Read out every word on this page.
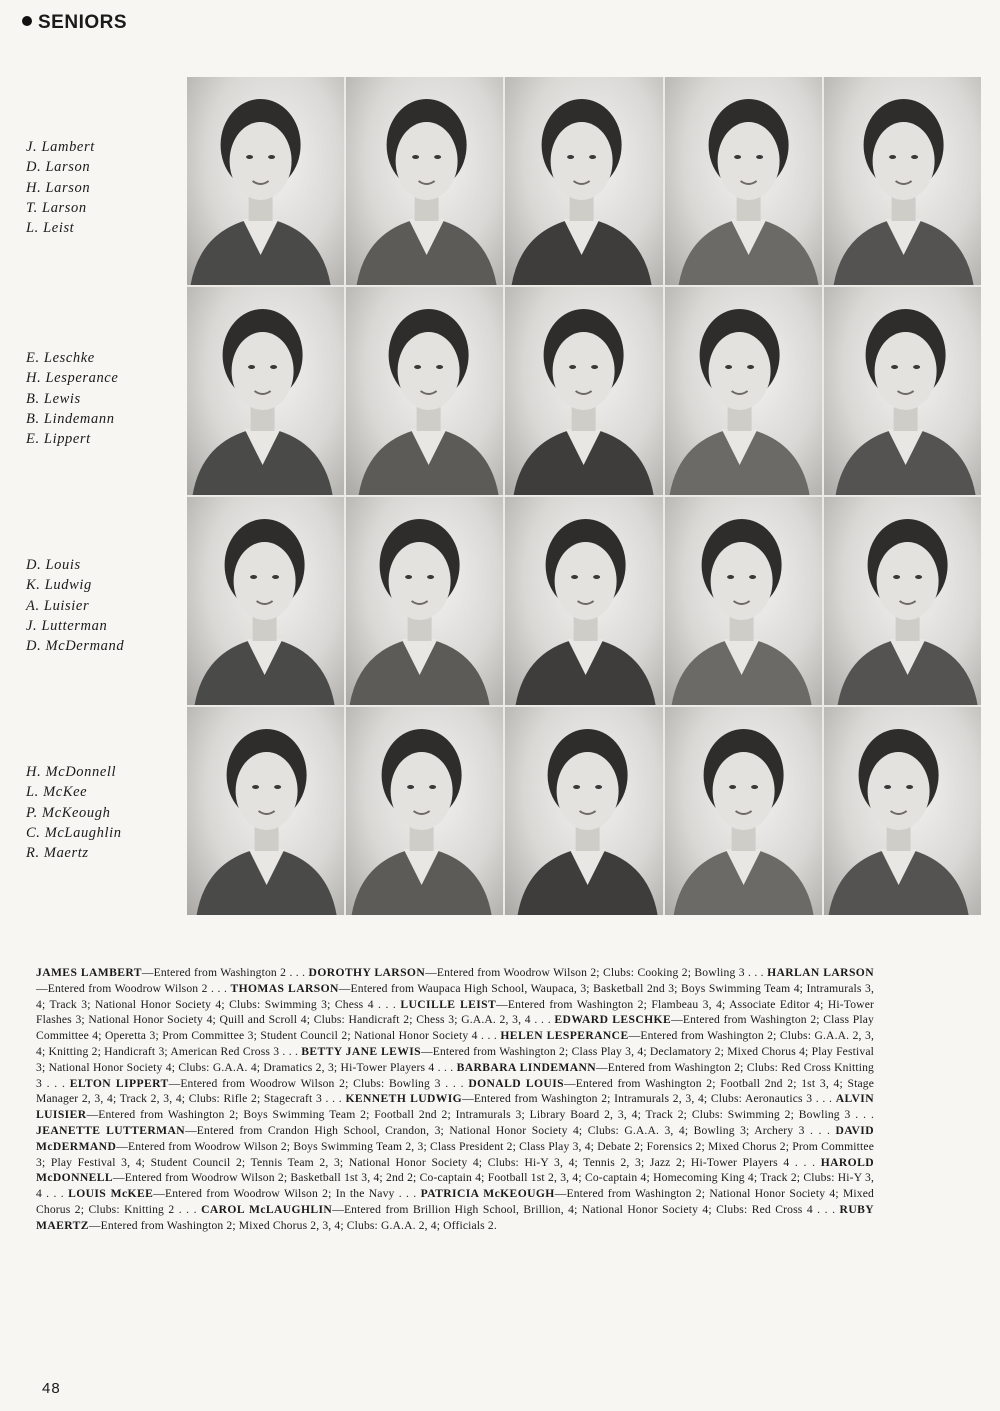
SENIORS
J. Lambert
D. Larson
H. Larson
T. Larson
L. Leist
E. Leschke
H. Lesperance
B. Lewis
B. Lindemann
E. Lippert
D. Louis
K. Ludwig
A. Luisier
J. Lutterman
D. McDermand
H. McDonnell
L. McKee
P. McKeough
C. McLaughlin
R. Maertz

JAMES LAMBERT—Entered from Washington 2 . . . DOROTHY LARSON—Entered from Woodrow Wilson 2; Clubs: Cooking 2; Bowling 3 . . . HARLAN LARSON—Entered from Woodrow Wilson 2 . . . THOMAS LARSON—Entered from Waupaca High School, Waupaca, 3; Basketball 2nd 3; Boys Swimming Team 4; Intramurals 3, 4; Track 3; National Honor Society 4; Clubs: Swimming 3; Chess 4 . . . LUCILLE LEIST—Entered from Washington 2; Flambeau 3, 4; Associate Editor 4; Hi-Tower Flashes 3; National Honor Society 4; Quill and Scroll 4; Clubs: Handicraft 2; Chess 3; G.A.A. 2, 3, 4 . . . EDWARD LESCHKE—Entered from Washington 2; Class Play Committee 4; Operetta 3; Prom Committee 3; Student Council 2; National Honor Society 4 . . . HELEN LESPERANCE—Entered from Washington 2; Clubs: G.A.A. 2, 3, 4; Knitting 2; Handicraft 3; American Red Cross 3 . . . BETTY JANE LEWIS—Entered from Washington 2; Class Play 3, 4; Declamatory 2; Mixed Chorus 4; Play Festival 3; National Honor Society 4; Clubs: G.A.A. 4; Dramatics 2, 3; Hi-Tower Players 4 . . . BARBARA LINDEMANN—Entered from Washington 2; Clubs: Red Cross Knitting 3 . . . ELTON LIPPERT—Entered from Woodrow Wilson 2; Clubs: Bowling 3 . . . DONALD LOUIS—Entered from Washington 2; Football 2nd 2; 1st 3, 4; Stage Manager 2, 3, 4; Track 2, 3, 4; Clubs: Rifle 2; Stagecraft 3 . . . KENNETH LUDWIG—Entered from Washington 2; Intramurals 2, 3, 4; Clubs: Aeronautics 3 . . . ALVIN LUISIER—Entered from Washington 2; Boys Swimming Team 2; Football 2nd 2; Intramurals 3; Library Board 2, 3, 4; Track 2; Clubs: Swimming 2; Bowling 3 . . . JEANETTE LUTTERMAN—Entered from Crandon High School, Crandon, 3; National Honor Society 4; Clubs: G.A.A. 3, 4; Bowling 3; Archery 3 . . . DAVID McDERMAND—Entered from Woodrow Wilson 2; Boys Swimming Team 2, 3; Class President 2; Class Play 3, 4; Debate 2; Forensics 2; Mixed Chorus 2; Prom Committee 3; Play Festival 3, 4; Student Council 2; Tennis Team 2, 3; National Honor Society 4; Clubs: Hi-Y 3, 4; Tennis 2, 3; Jazz 2; Hi-Tower Players 4 . . . HAROLD McDONNELL—Entered from Woodrow Wilson 2; Basketball 1st 3, 4; 2nd 2; Co-captain 4; Football 1st 2, 3, 4; Co-captain 4; Homecoming King 4; Track 2; Clubs: Hi-Y 3, 4 . . . LOUIS McKEE—Entered from Woodrow Wilson 2; In the Navy . . . PATRICIA McKEOUGH—Entered from Washington 2; National Honor Society 4; Mixed Chorus 2; Clubs: Knitting 2 . . . CAROL McLAUGHLIN—Entered from Brillion High School, Brillion, 4; National Honor Society 4; Clubs: Red Cross 4 . . . RUBY MAERTZ—Entered from Washington 2; Mixed Chorus 2, 3, 4; Clubs: G.A.A. 2, 4; Officials 2.

48
